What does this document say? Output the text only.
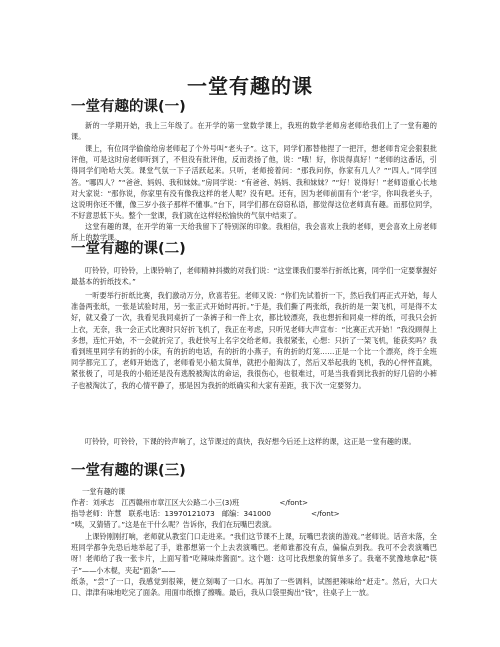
一堂有趣的课
一堂有趣的课(一)

新的一学期开始，我上三年级了。在开学的第一堂数学课上，我班的数学老师房老师给我们上了一堂有趣的课。

课上，有位同学偷偷给房老师起了个外号叫“老头子”。这下，同学们都替他捏了一把汗，想老师肯定会狠狠批评他，可是这时房老师听到了，不但没有批评他，反而表扬了他，说：“哦！好，你说得真好！”老师的这番话，引得同学们哈哈大笑。课堂气氛一下子活跃起来。只听，老师接着问：“那我问你，你家有几人？”“四人。”同学回答。“哪四人？”“爸爸、妈妈、我和妹妹。”房同学说：“有爸爸、妈妈、我和妹妹？”“好！说得好！”老师语重心长地对大家说：“那你说，你家里有没有像我这样的老人呢？没有吧。还有，因为老师前面有个‘老’字，你叫我老头子，这说明你还不懂，像三岁小孩子那样不懂事。”台下，同学们都在窃窃私语，都觉得这位老师真有趣。而那位同学，不好意思低下头。整个一堂课，我们就在这样轻松愉快的气氛中结束了。

这堂有趣的课，在开学的第一天给我留下了特别深的印象。我相信，我会喜欢上我的老师，更会喜欢上房老师所上的数学课。

一堂有趣的课(二)

叮铃铃，叮铃铃，上课铃响了，老师精神抖擞的对我们说：“这堂课我们要举行折纸比赛，同学们一定要掌握好最基本的折纸技术。”

一听要举行折纸比赛，我们激动万分，欣喜若狂。老师又说：“你们先试着折一下，然后我们再正式开始，每人准备两张纸，一张是试验时用，另一张正式开始时再折。”于是，我们撕了两张纸，我折的是一架飞机，可是得不太好，就又叠了一次，我看见我同桌折了一条裤子和一件上衣，都比较漂亮，我也想折和同桌一样的纸，可我只会折上衣，无奈，我一会正式比赛时只好折飞机了，我正在考虑，只听见老师大声宣布：“比赛正式开始！”我没顾得上多想，连忙开始，不一会就折完了，我赶快写上名字交给老师。我很紧张，心想：只折了一架飞机，能获奖吗？我看到班里同学有的折的小床，有的折的电话，有的折的小燕子，有的折的灯笼……正是一个比一个漂亮，终于全班同学都完工了，老师开始选了，老师看见小船太简单，就把小船淘汰了，然后又举起我的飞机，我的心怦怦直跳，紧张极了，可是我的小船还是没有逃脱被淘汰的命运，我很伤心，也很难过，可是当我看到比我折的好几倍的小裤子也被淘汰了，我的心情平静了，那是因为我折的纸确实和大家有差距，我下次一定要努力。

叮铃铃，叮铃铃，下课的铃声响了，这节课过的真快，我好想今后还上这样的课，这正是一堂有趣的课。

一堂有趣的课(三)
一堂有趣的课
作者：刘承志　江西赣州市章江区大公路二小三(3)班	</font>
指导老师：许慧　联系电话：13970121073　邮编：341000	</font>
“咦，又猜错了。”这是在干什么呢？告诉你，我们在玩嘴巴表演。

上课铃刚刚打响，老师就从教室门口走进来。“我们这节课不上课，玩嘴巴表演的游戏。”老师说。话音未落，全班同学都争先恐后地举起了手，谁都想第一个上去表演嘴巴。老师谁都没有点，偏偏点到我。我可不会表演嘴巴呀！老师给了我一张卡片，上面写着“吃辣味炸酱面”。这个题：这可比我想象的简单多了。我毫不犹豫地拿起“筷子”——小木棍，夹起“面条”——

纸条，“尝”了一口，我感觉到很辣，便立刻喝了一口水。再加了一些调料，试图把辣味给“赶走”。然后，大口大口、津津有味地吃完了面条。用面巾纸擦了擦嘴。最后，我从口袋里掏出“钱”，往桌子上一放。
